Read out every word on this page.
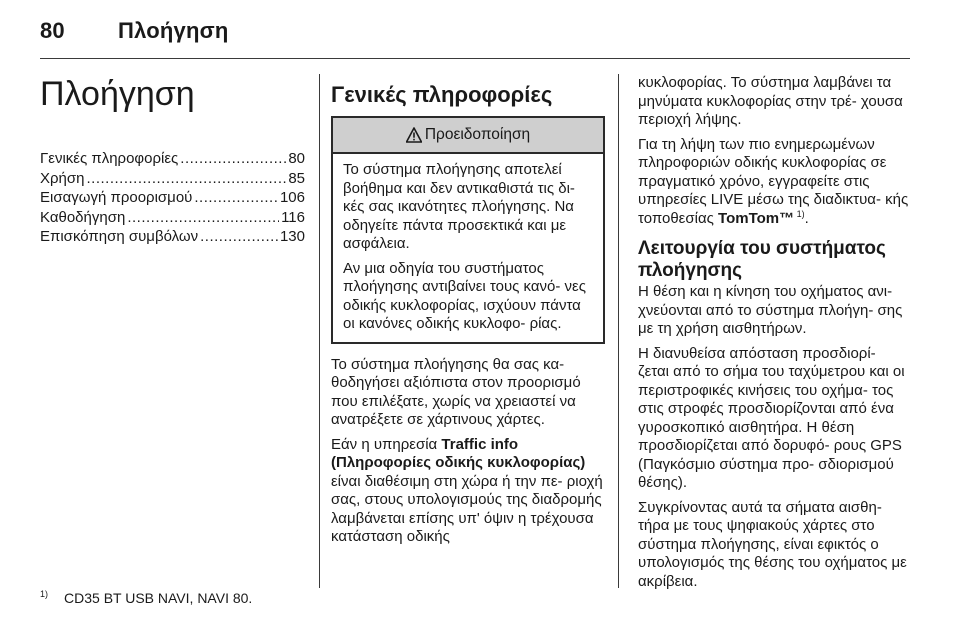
80 Πλοήγηση
Πλοήγηση
Γενικές πληροφορίες .....	80
Χρήση .....	85
Εισαγωγή προορισμού .....	106
Καθοδήγηση .....	116
Επισκόπηση συμβόλων .....	130
Γενικές πληροφορίες
Προειδοποίηση

Το σύστημα πλοήγησης αποτελεί βοήθημα και δεν αντικαθιστά τις δι- κές σας ικανότητες πλοήγησης. Να οδηγείτε πάντα προσεκτικά και με ασφάλεια.

Αν μια οδηγία του συστήματος πλοήγησης αντιβαίνει τους κανό- νες οδικής κυκλοφορίας, ισχύουν πάντα οι κανόνες οδικής κυκλοφο- ρίας.

Το σύστημα πλοήγησης θα σας κα- θοδηγήσει αξιόπιστα στον προορισμό που επιλέξατε, χωρίς να χρειαστεί να ανατρέξετε σε χάρτινους χάρτες.

Εάν η υπηρεσία Traffic info (Πληροφορίες οδικής κυκλοφορίας) είναι διαθέσιμη στη χώρα ή την πε- ριοχή σας, στους υπολογισμούς της διαδρομής λαμβάνεται επίσης υπ' όψιν η τρέχουσα κατάσταση οδικής

κυκλοφορίας. Το σύστημα λαμβάνει τα μηνύματα κυκλοφορίας στην τρέ- χουσα περιοχή λήψης.

Για τη λήψη των πιο ενημερωμένων πληροφοριών οδικής κυκλοφορίας σε πραγματικό χρόνο, εγγραφείτε στις υπηρεσίες LIVE μέσω της διαδικτυα- κής τοποθεσίας TomTom™ $^{1)}$.

Λειτουργία του συστήματος πλοήγησης

Η θέση και η κίνηση του οχήματος ανι- χνεύονται από το σύστημα πλοήγη- σης με τη χρήση αισθητήρων.

Η διανυθείσα απόσταση προσδιορί- ζεται από το σήμα του ταχύμετρου και οι περιστροφικές κινήσεις του οχήμα- τος στις στροφές προσδιορίζονται από ένα γυροσκοπικό αισθητήρα. Η θέση προσδιορίζεται από δορυφό- ρους GPS (Παγκόσμιο σύστημα προ- σδιορισμού θέσης).

Συγκρίνοντας αυτά τα σήματα αισθη- τήρα με τους ψηφιακούς χάρτες στο σύστημα πλοήγησης, είναι εφικτός ο υπολογισμός της θέσης του οχήματος με ακρίβεια.

$^{1)}$ CD35 BT USB NAVI, NAVI 80.
